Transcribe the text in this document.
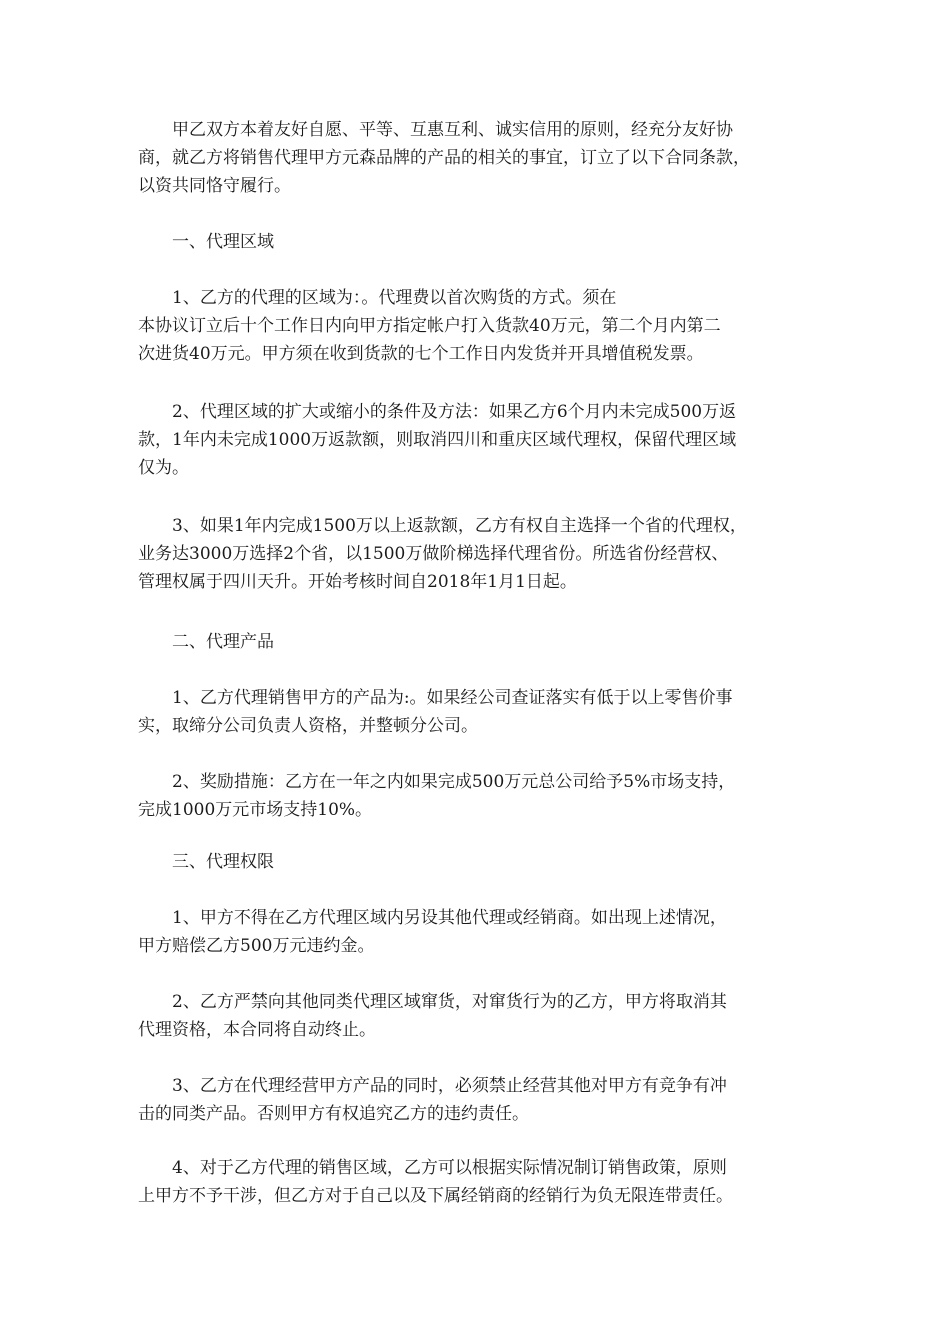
　　甲乙双方本着友好自愿、平等、互惠互利、诚实信用的原则，经充分友好协
商，就乙方将销售代理甲方元森品牌的产品的相关的事宜，订立了以下合同条款，
以资共同恪守履行。
　　一、代理区域
　　1、乙方的代理的区域为：。代理费以首次购货的方式。须在
本协议订立后十个工作日内向甲方指定帐户打入货款40万元，第二个月内第二
次进货40万元。甲方须在收到货款的七个工作日内发货并开具增值税发票。
　　2、代理区域的扩大或缩小的条件及方法：如果乙方6个月内未完成500万返
款，1年内未完成1000万返款额，则取消四川和重庆区域代理权，保留代理区域
仅为。
　　3、如果1年内完成1500万以上返款额，乙方有权自主选择一个省的代理权，
业务达3000万选择2个省，以1500万做阶梯选择代理省份。所选省份经营权、
管理权属于四川天升。开始考核时间自2018年1月1日起。
　　二、代理产品
　　1、乙方代理销售甲方的产品为:。如果经公司查证落实有低于以上零售价事
实，取缔分公司负责人资格，并整顿分公司。
　　2、奖励措施：乙方在一年之内如果完成500万元总公司给予5%市场支持，
完成1000万元市场支持10%。
　　三、代理权限
　　1、甲方不得在乙方代理区域内另设其他代理或经销商。如出现上述情况，
甲方赔偿乙方500万元违约金。
　　2、乙方严禁向其他同类代理区域窜货，对窜货行为的乙方，甲方将取消其
代理资格，本合同将自动终止。
　　3、乙方在代理经营甲方产品的同时，必须禁止经营其他对甲方有竞争有冲
击的同类产品。否则甲方有权追究乙方的违约责任。
　　4、对于乙方代理的销售区域，乙方可以根据实际情况制订销售政策，原则
上甲方不予干涉，但乙方对于自己以及下属经销商的经销行为负无限连带责任。
